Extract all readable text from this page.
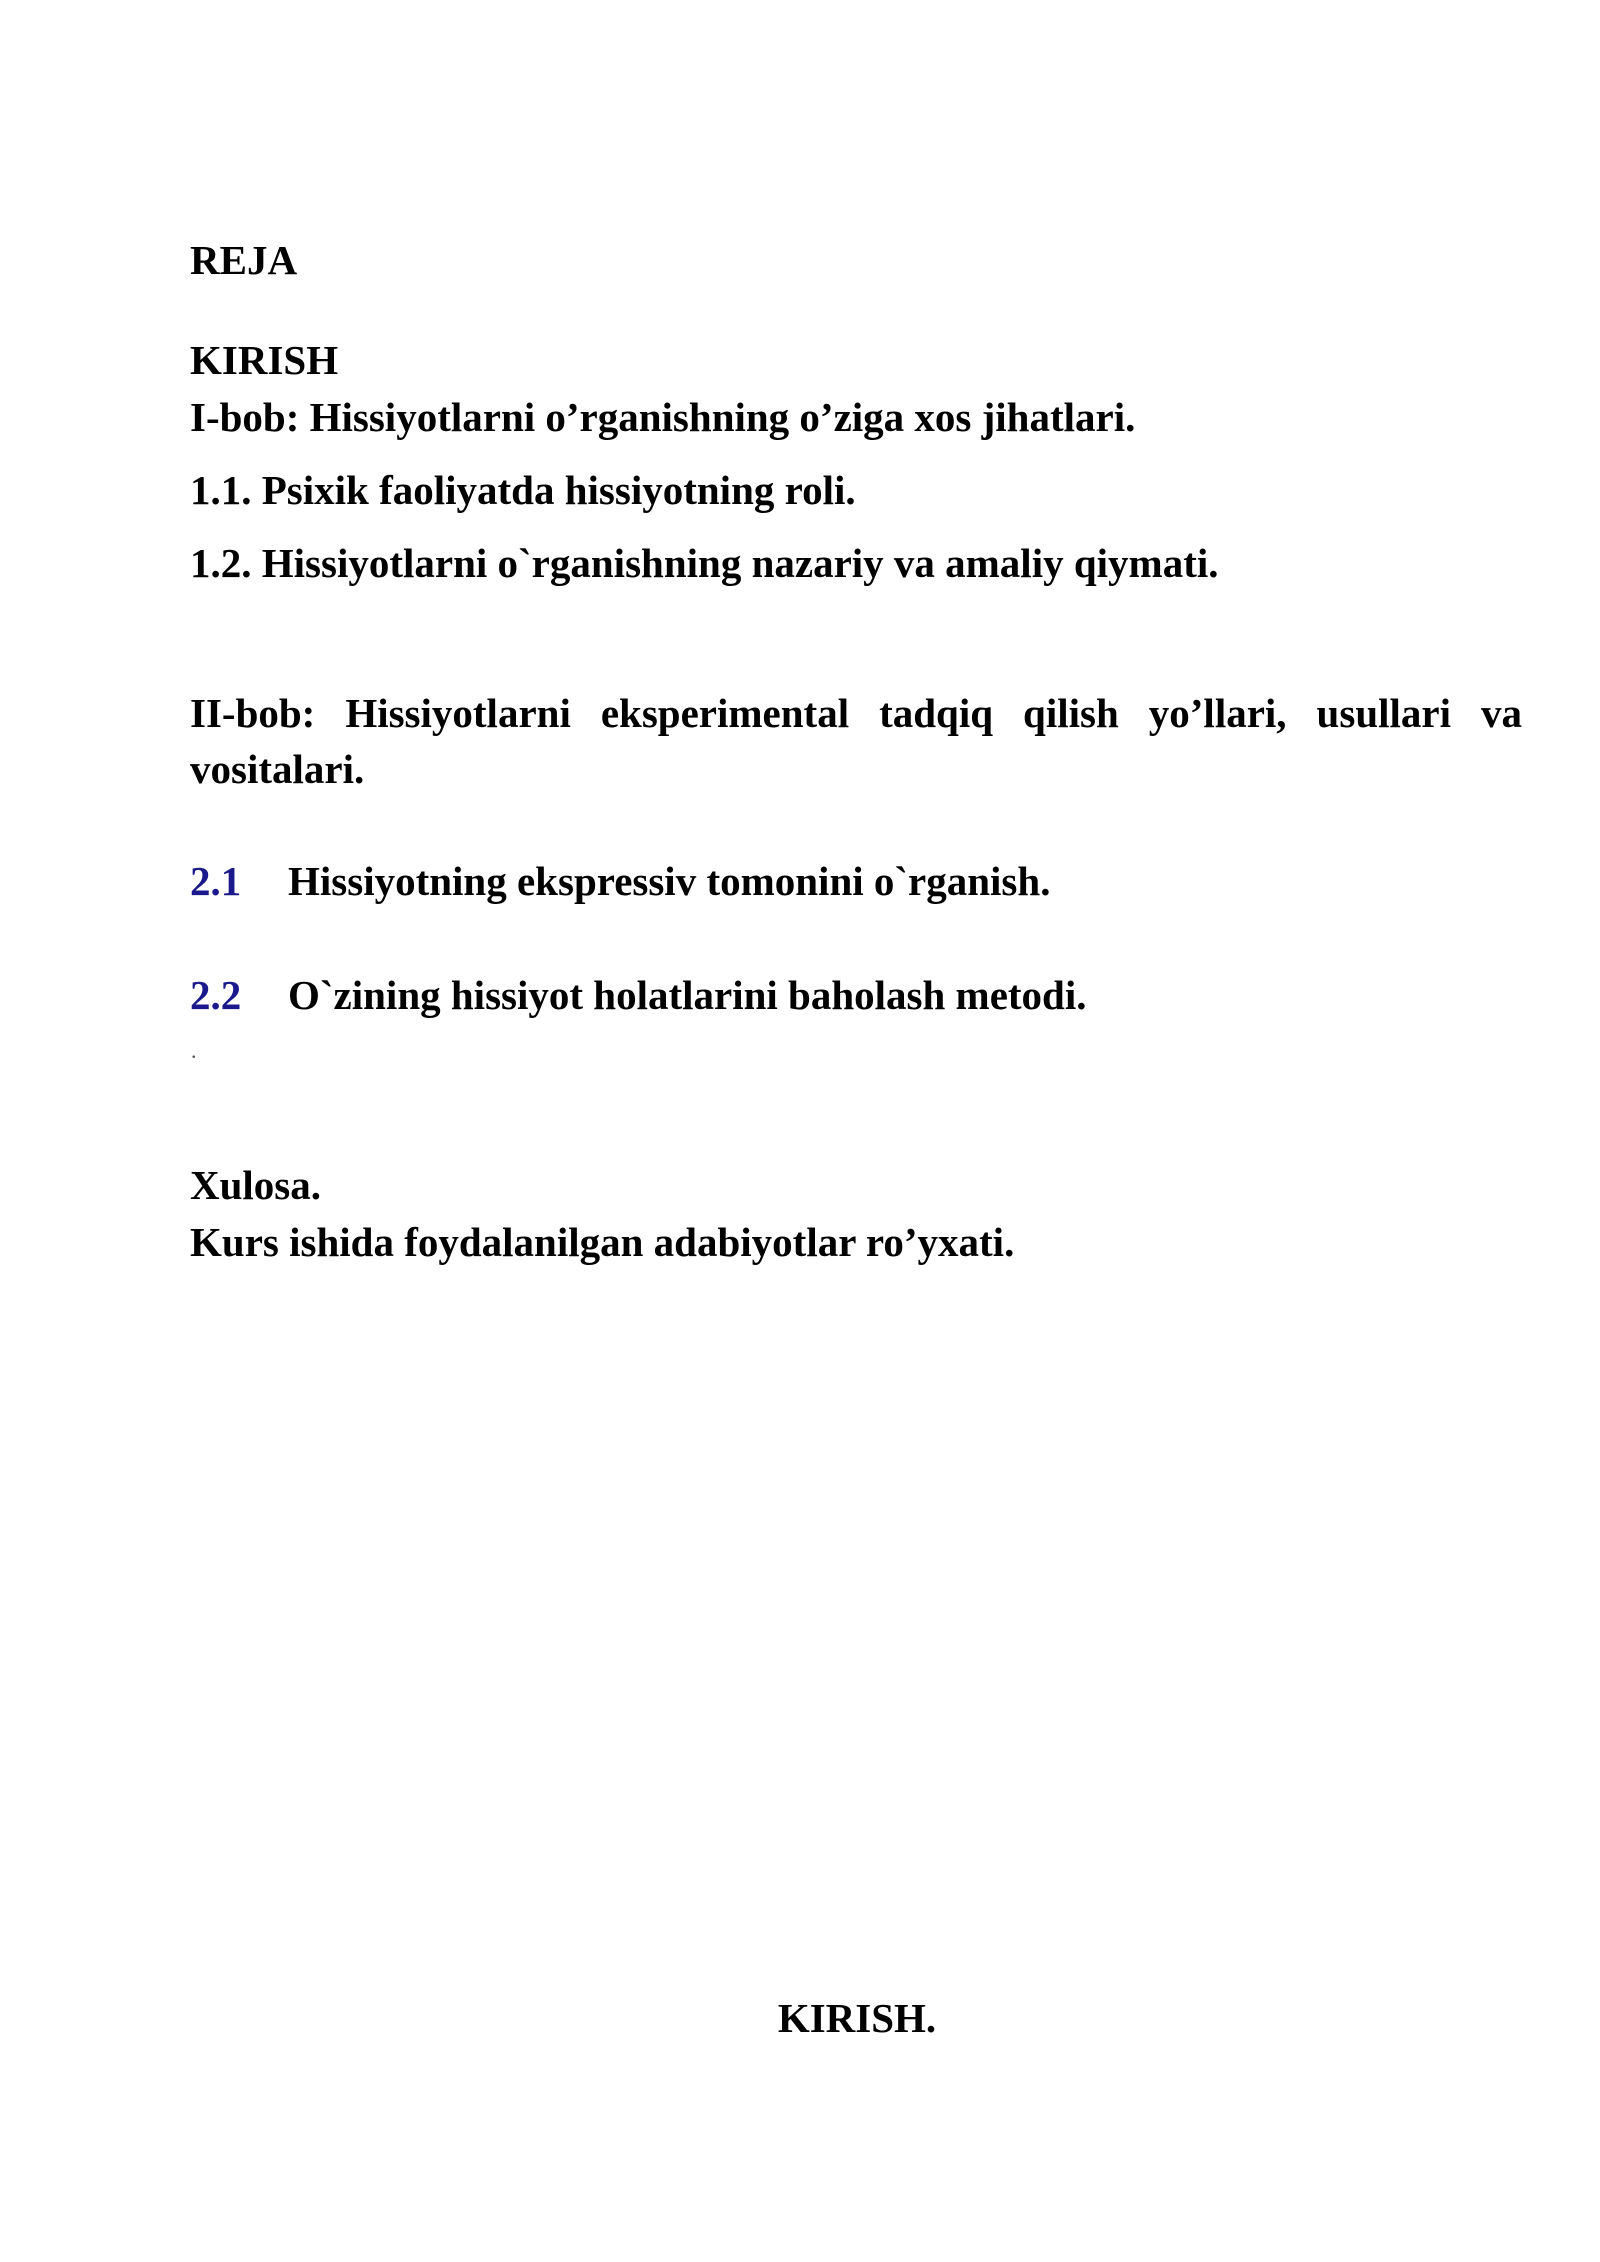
REJA
KIRISH
I-bob: Hissiyotlarni o’rganishning o’ziga xos jihatlari.
1.1. Psixik faoliyatda hissiyotning roli.
1.2. Hissiyotlarni o`rganishning nazariy va amaliy qiymati.
II-bob: Hissiyotlarni eksperimental tadqiq qilish yo’llari, usullari va vositalari.
2.1 Hissiyotning ekspressiv tomonini o`rganish.
2.2 O`zining hissiyot holatlarini baholash metodi.
.
Xulosa.
Kurs ishida foydalanilgan adabiyotlar ro’yxati.
KIRISH.
